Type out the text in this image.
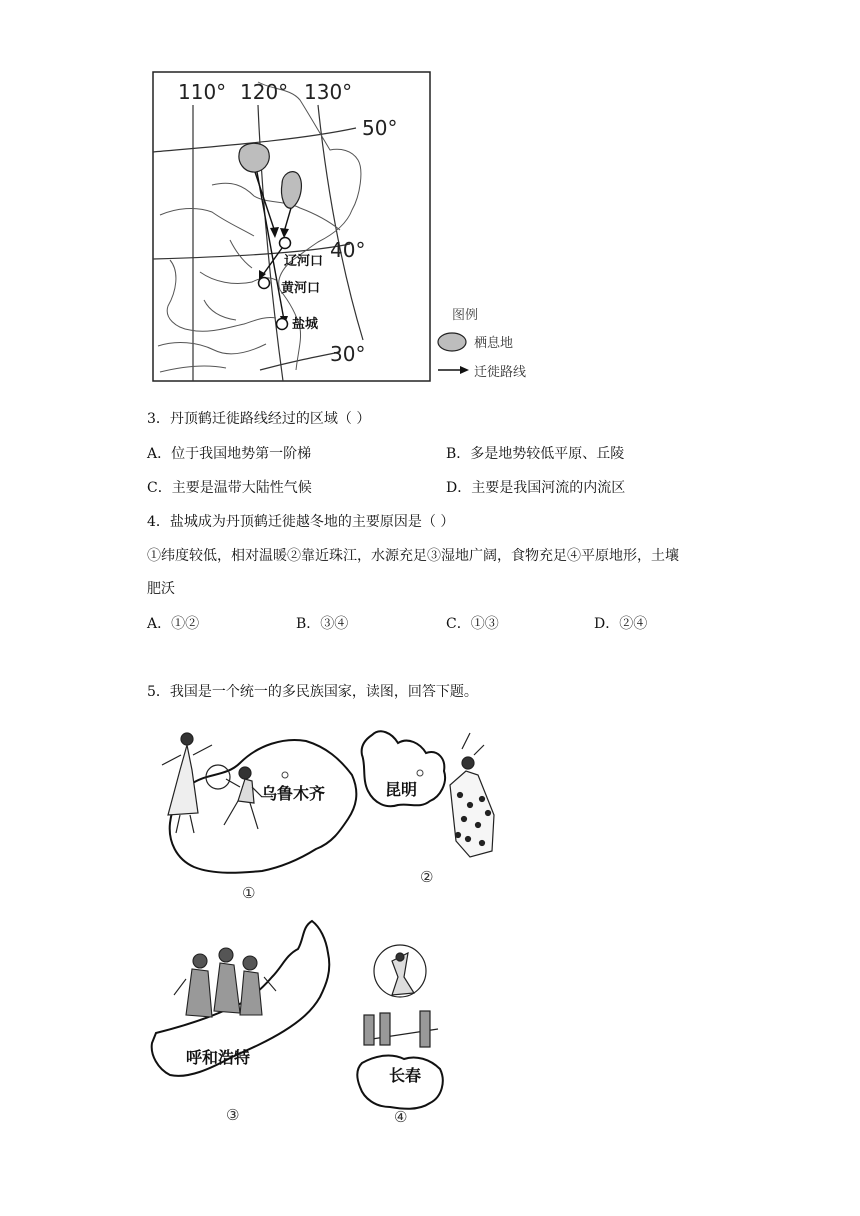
110° 120° 130°
50°
40°
30°
辽河口
黄河口
盐城
图例
栖息地
迁徙路线
3．丹顶鹤迁徙路线经过的区域（ ）
A．位于我国地势第一阶梯	B．多是地势较低平原、丘陵
C．主要是温带大陆性气候	D．主要是我国河流的内流区
4．盐城成为丹顶鹤迁徙越冬地的主要原因是（ ）
①纬度较低，相对温暖②靠近珠江，水源充足③湿地广阔，食物充足④平原地形，土壤
肥沃
A．①②	B．③④	C．①③	D．②④
5．我国是一个统一的多民族国家，读图，回答下题。
乌鲁木齐	昆明
呼和浩特
长春
①
②
③	④
